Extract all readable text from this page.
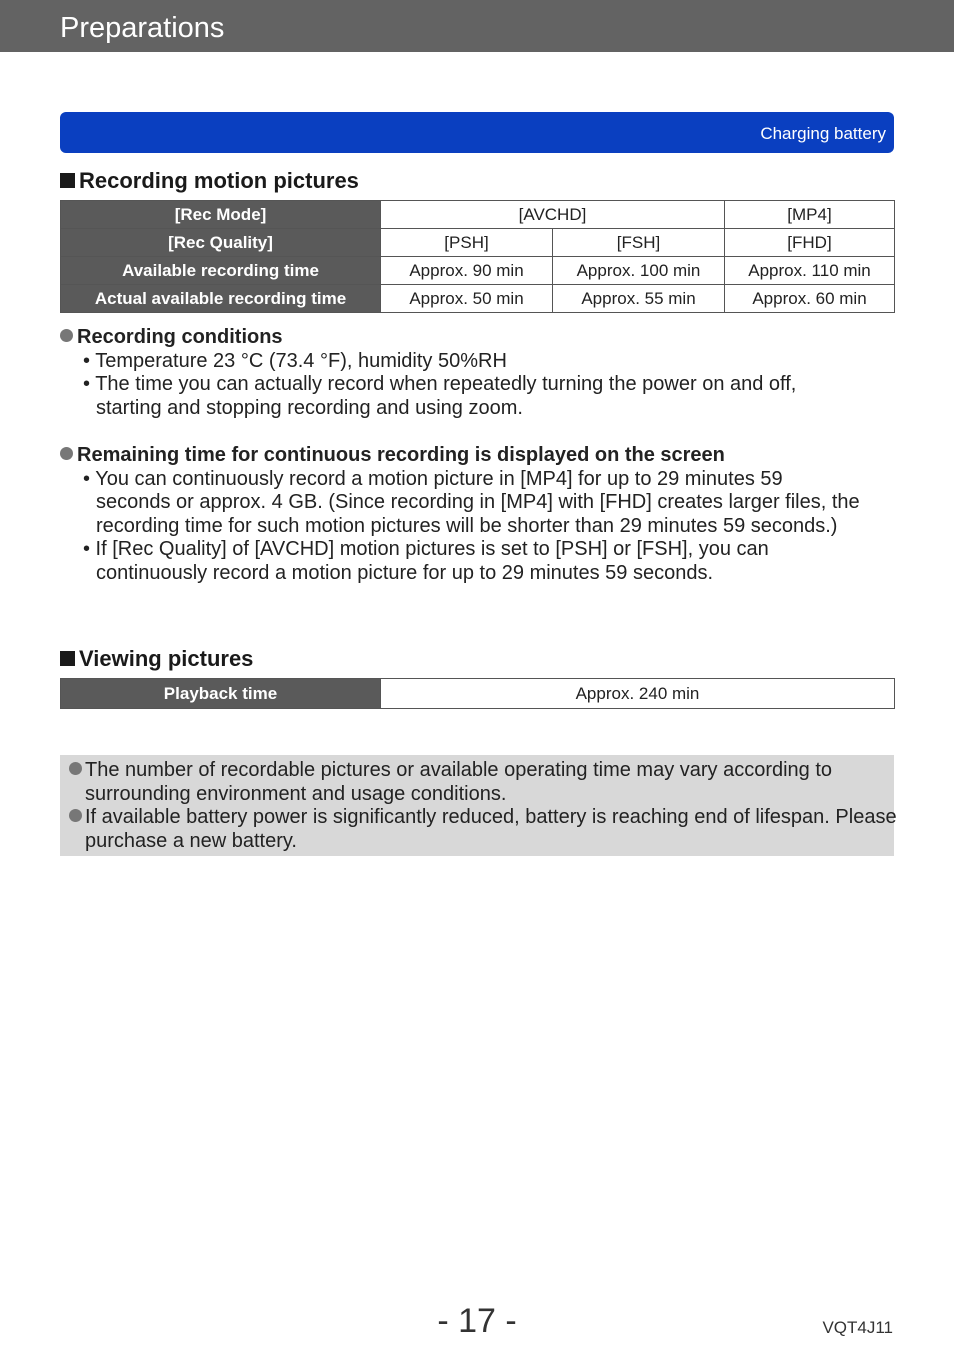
Preparations
Charging battery
Recording motion pictures
[Rec Mode]	[AVCHD]		[MP4]
[Rec Quality]	[PSH]	[FSH]	[FHD]
Available recording time	Approx. 90 min	Approx. 100 min	Approx. 110 min
Actual available recording time	Approx. 50 min	Approx. 55 min	Approx. 60 min
Recording conditions
• Temperature 23 °C (73.4 °F), humidity 50%RH
• The time you can actually record when repeatedly turning the power on and off, starting and stopping recording and using zoom.
Remaining time for continuous recording is displayed on the screen
• You can continuously record a motion picture in [MP4] for up to 29 minutes 59 seconds or approx. 4 GB. (Since recording in [MP4] with [FHD] creates larger files, the recording time for such motion pictures will be shorter than 29 minutes 59 seconds.)
• If [Rec Quality] of [AVCHD] motion pictures is set to [PSH] or [FSH], you can continuously record a motion picture for up to 29 minutes 59 seconds.
Viewing pictures
Playback time	Approx. 240 min
The number of recordable pictures or available operating time may vary according to surrounding environment and usage conditions.
If available battery power is significantly reduced, battery is reaching end of lifespan. Please purchase a new battery.
- 17 -	VQT4J11
